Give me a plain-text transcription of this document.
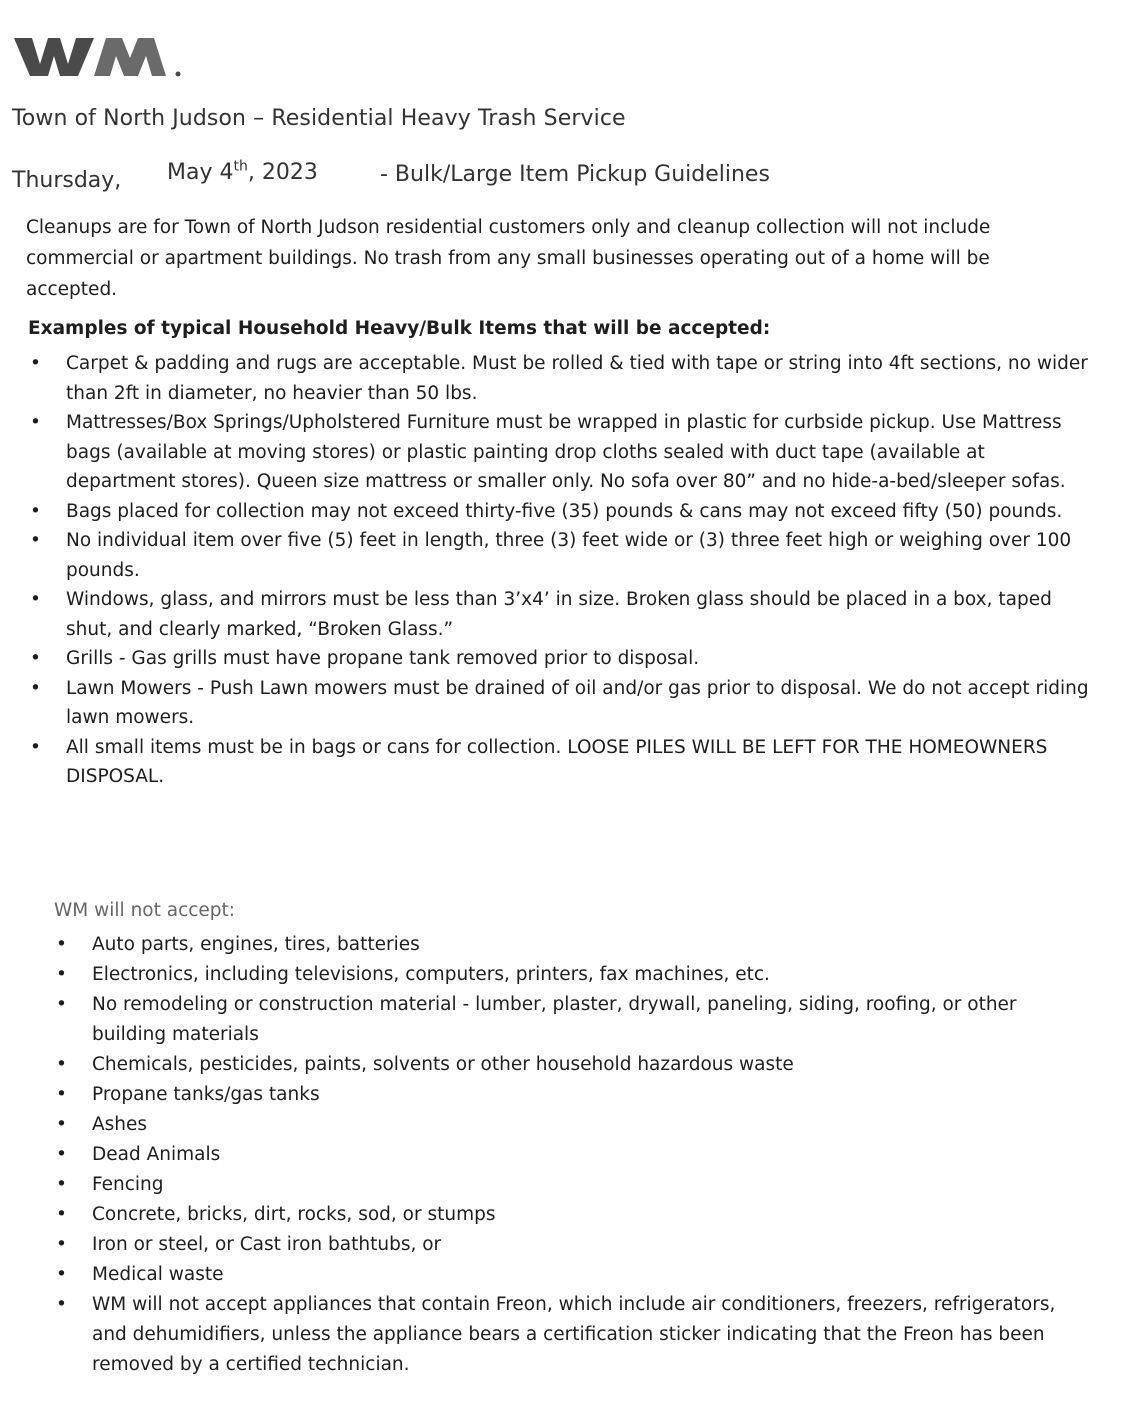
Town of North Judson – Residential Heavy Trash Service
Thursday, May 4th, 2023	- Bulk/Large Item Pickup Guidelines

Cleanups are for Town of North Judson residential customers only and cleanup collection will not include commercial or apartment buildings. No trash from any small businesses operating out of a home will be accepted.

Examples of typical Household Heavy/Bulk Items that will be accepted:

• Carpet & padding and rugs are acceptable. Must be rolled & tied with tape or string into 4ft sections, no wider than 2ft in diameter, no heavier than 50 lbs.
• Mattresses/Box Springs/Upholstered Furniture must be wrapped in plastic for curbside pickup. Use Mattress bags (available at moving stores) or plastic painting drop cloths sealed with duct tape (available at department stores). Queen size mattress or smaller only. No sofa over 80” and no hide-a-bed/sleeper sofas.
• Bags placed for collection may not exceed thirty-five (35) pounds & cans may not exceed fifty (50) pounds.
• No individual item over five (5) feet in length, three (3) feet wide or (3) three feet high or weighing over 100 pounds.
• Windows, glass, and mirrors must be less than 3’x4’ in size. Broken glass should be placed in a box, taped shut, and clearly marked, “Broken Glass.”
• Grills - Gas grills must have propane tank removed prior to disposal.
• Lawn Mowers - Push Lawn mowers must be drained of oil and/or gas prior to disposal. We do not accept riding lawn mowers.
• All small items must be in bags or cans for collection. LOOSE PILES WILL BE LEFT FOR THE HOMEOWNERS DISPOSAL.

WM will not accept:

• Auto parts, engines, tires, batteries
• Electronics, including televisions, computers, printers, fax machines, etc.
• No remodeling or construction material - lumber, plaster, drywall, paneling, siding, roofing, or other building materials
• Chemicals, pesticides, paints, solvents or other household hazardous waste
• Propane tanks/gas tanks
• Ashes
• Dead Animals
• Fencing
• Concrete, bricks, dirt, rocks, sod, or stumps
• Iron or steel, or Cast iron bathtubs, or
• Medical waste
• WM will not accept appliances that contain Freon, which include air conditioners, freezers, refrigerators, and dehumidifiers, unless the appliance bears a certification sticker indicating that the Freon has been removed by a certified technician.
